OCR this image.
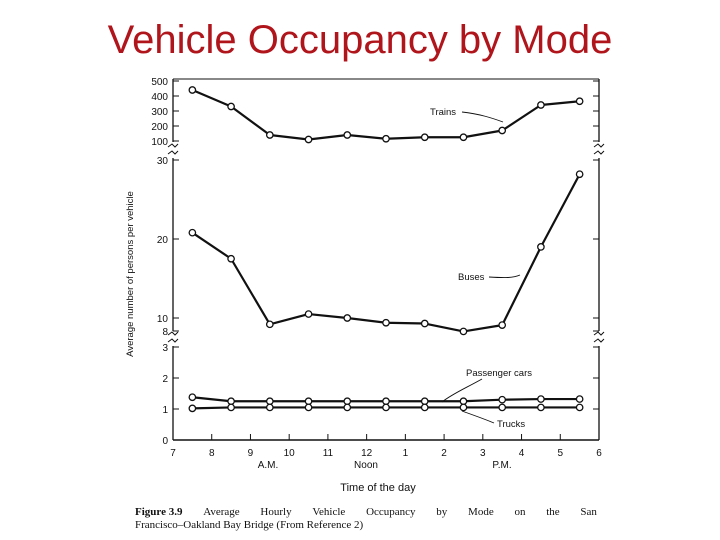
Vehicle Occupancy by Mode
500
400
300
200
100
30
20
10
8
3
2
1
0
7	8	9	10	11	12	1	2	3	4	5	6
A.M.	Noon	P.M.
Time of the day
Average number of persons per vehicle
Trains
Buses
Passenger cars
Trucks
Figure 3.9 Average Hourly Vehicle Occupancy by Mode on the San
Francisco–Oakland Bay Bridge (From Reference 2)
